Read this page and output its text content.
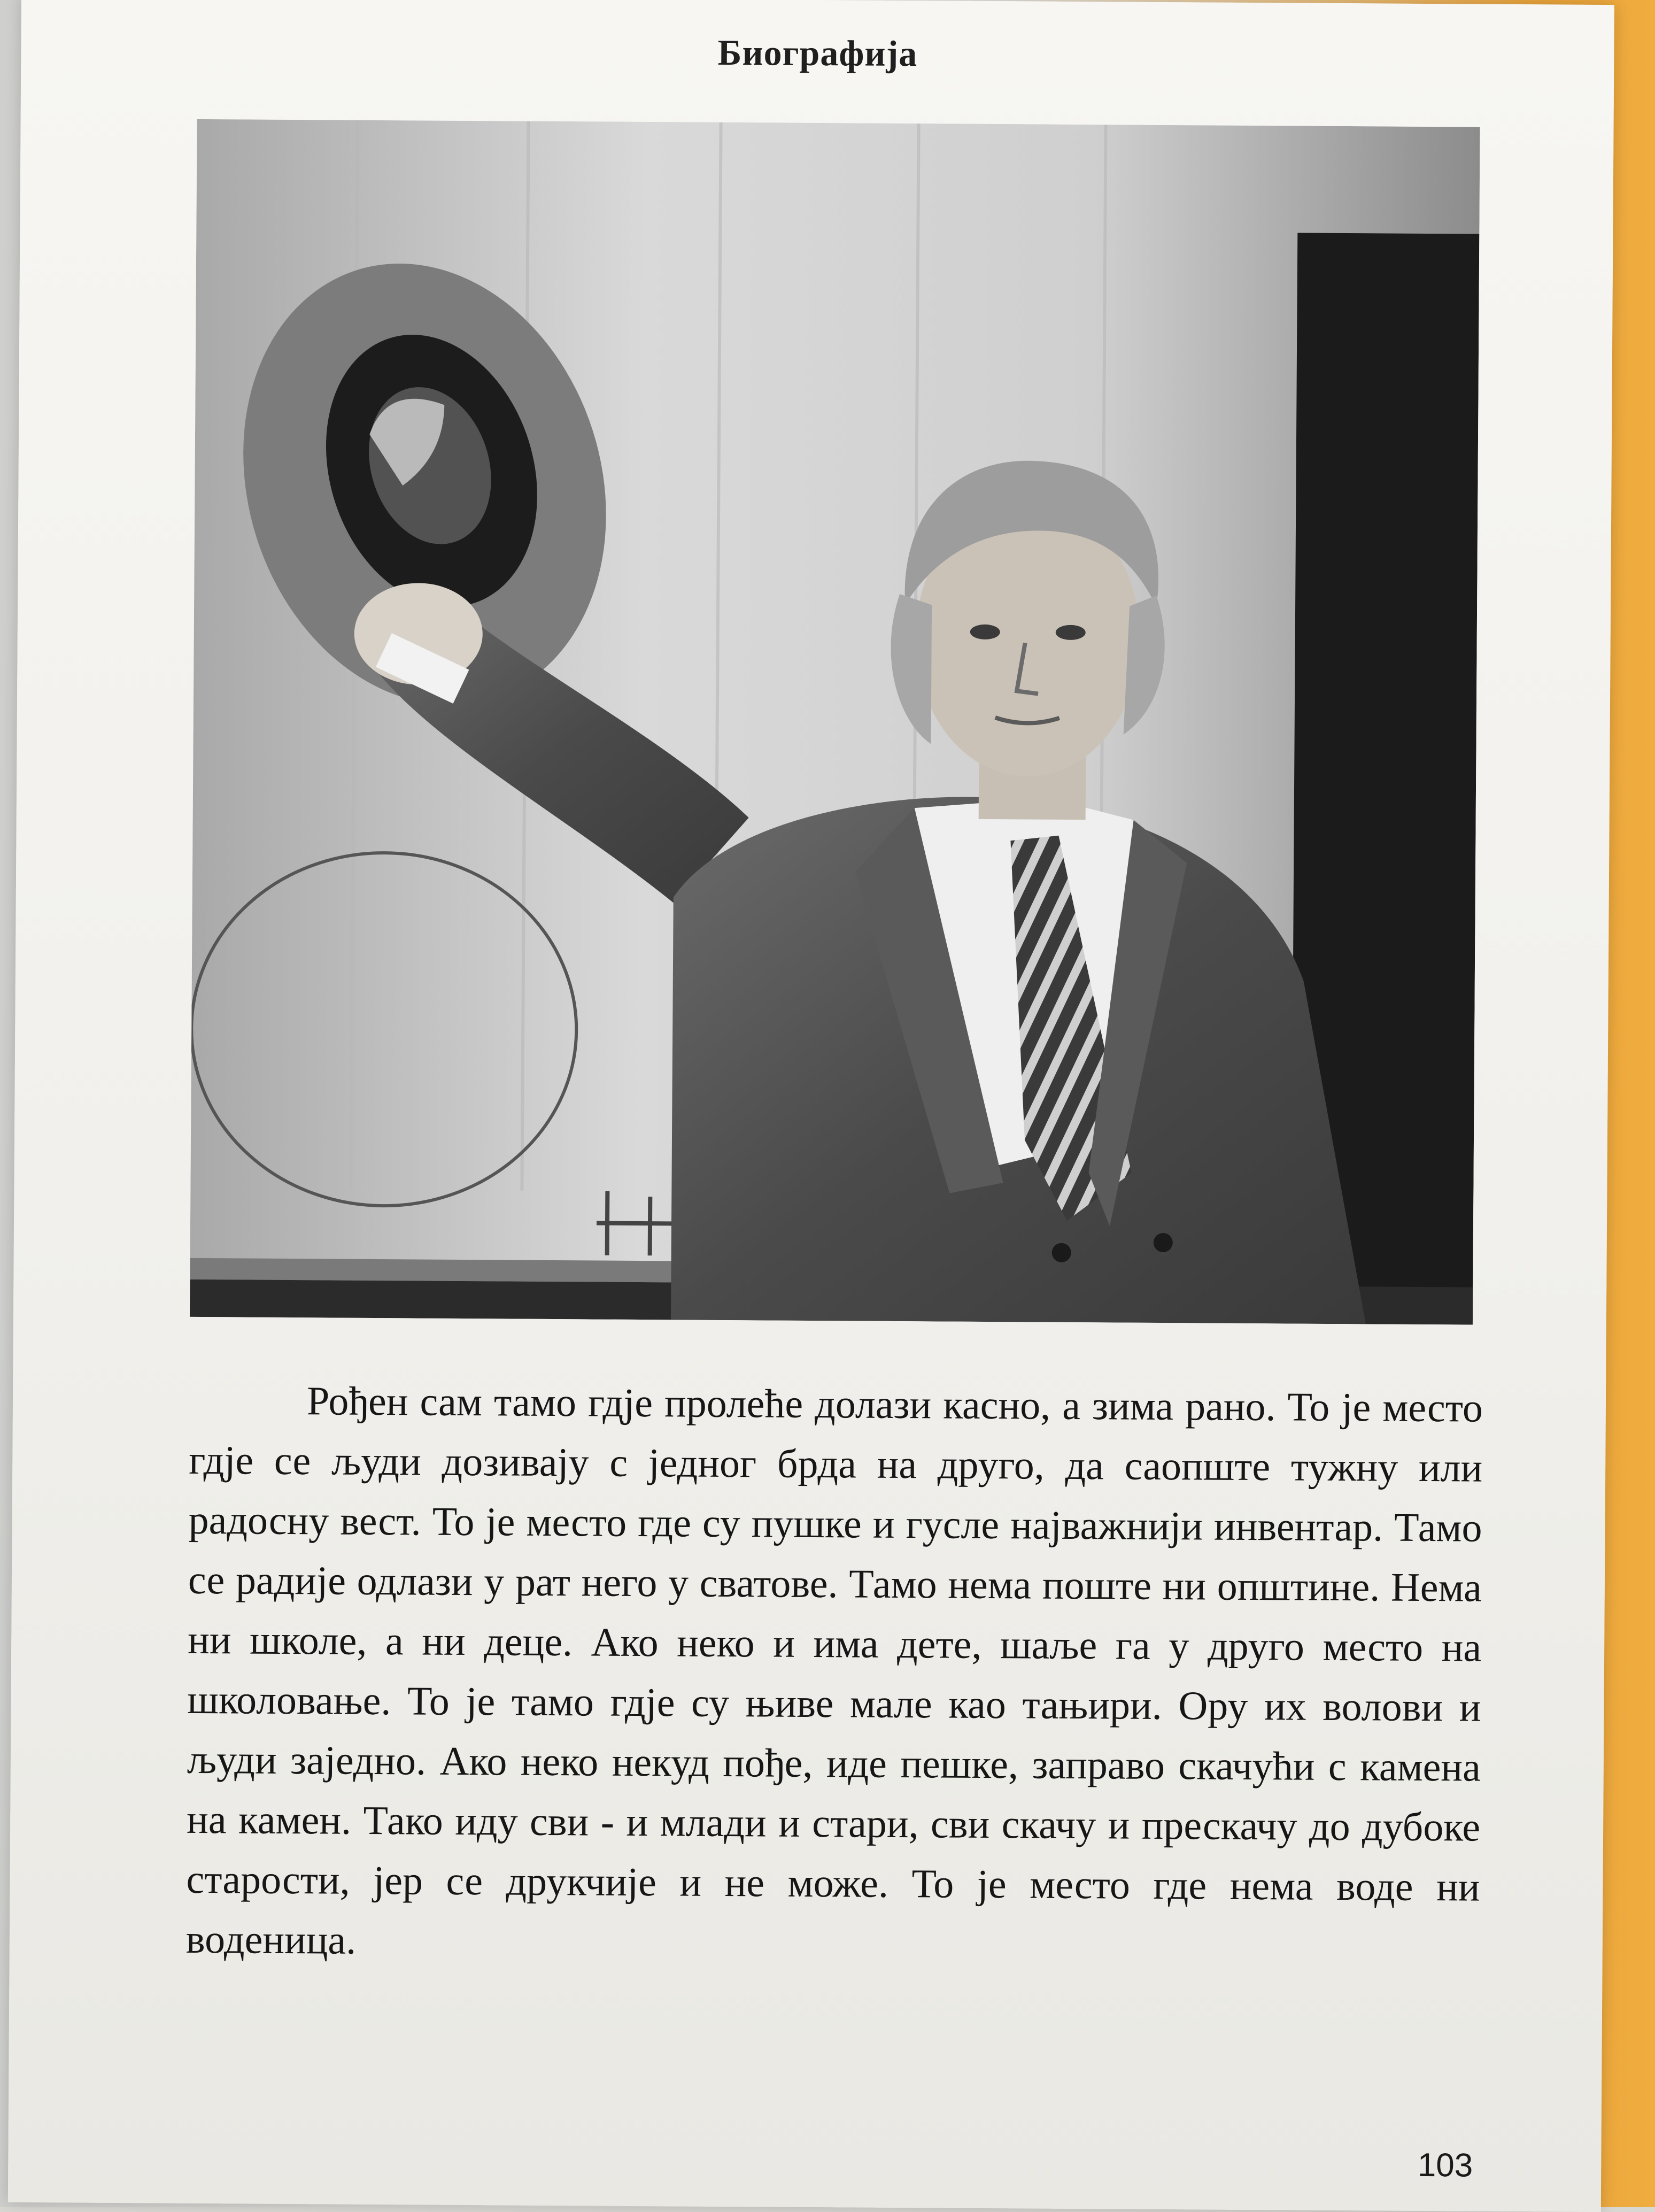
Биографија

Рођен сам тамо гдје пролеће долази касно, а зима рано. То је место гдје се људи дозивају с једног брда на друго, да саопште тужну или радосну вест. То је место где су пушке и гусле најважнији инвентар. Тамо се радије одлази у рат него у сватове. Тамо нема поште ни општине. Нема ни школе, а ни деце. Ако неко и има дете, шаље га у друго место на школовање. То је тамо гдје су њиве мале као тањири. Ору их волови и људи заједно. Ако неко некуд пође, иде пешке, заправо скачући с камена на камен. Тако иду сви - и млади и стари, сви скачу и прескачу до дубоке старости, јер се друкчије и не може. То је место где нема воде ни воденица.

103
